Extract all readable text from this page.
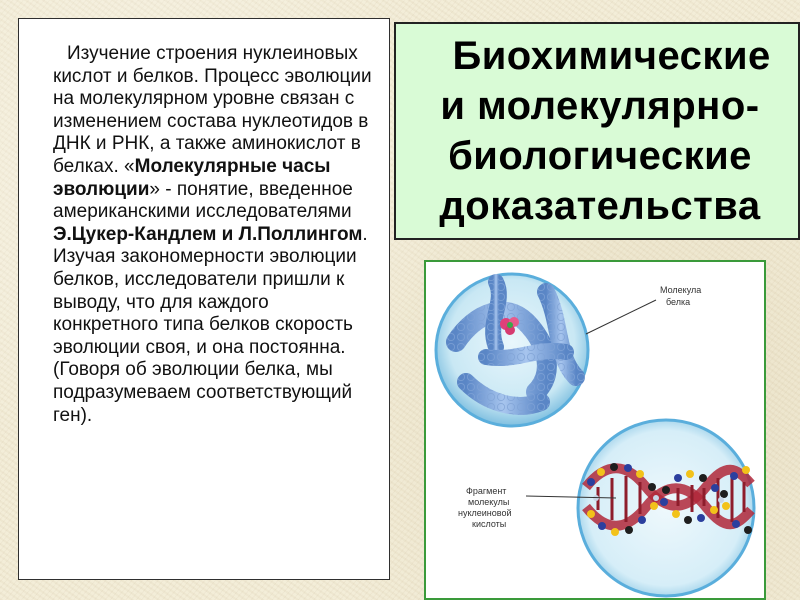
Изучение строения нуклеиновых кислот и белков. Процесс эволюции на молекулярном уровне связан с изменением состава нуклеотидов в ДНК и РНК, а также аминокислот в белках. «Молекулярные часы эволюции» - понятие, введенное американскими исследователями Э.Цукер-Кандлем и Л.Поллингом. Изучая закономерности эволюции белков, исследователи пришли к выводу, что для каждого конкретного типа белков скорость эволюции своя, и она постоянна. (Говоря об эволюции белка, мы подразумеваем соответствующий ген).
Биохимические
и молекулярно-
биологические
доказательства
Молекула
белка
Фрагмент
молекулы
нуклеиновой
кислоты
